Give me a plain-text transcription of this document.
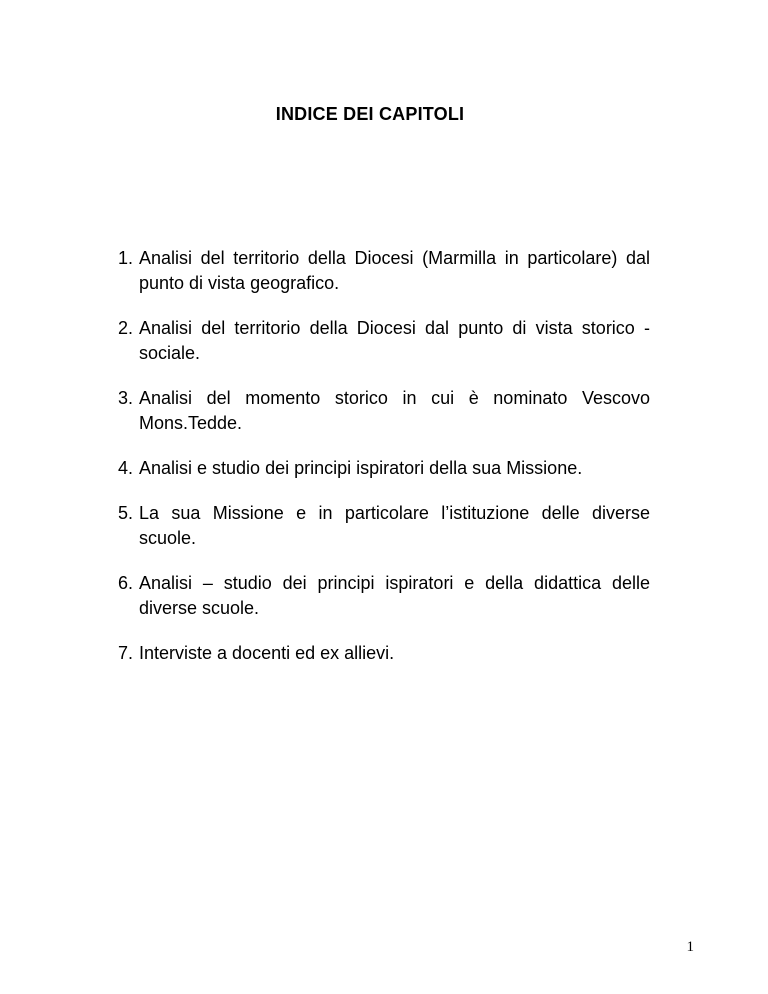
INDICE DEI CAPITOLI
1. Analisi del territorio della Diocesi (Marmilla in particolare) dal punto di vista geografico.
2. Analisi del territorio della Diocesi dal punto di vista storico -sociale.
3. Analisi del momento storico in cui è nominato Vescovo Mons.Tedde.
4. Analisi e studio dei principi ispiratori della sua Missione.
5. La sua Missione e in particolare l’istituzione delle diverse scuole.
6. Analisi – studio dei principi ispiratori e della didattica delle diverse scuole.
7. Interviste a docenti ed ex allievi.
1
